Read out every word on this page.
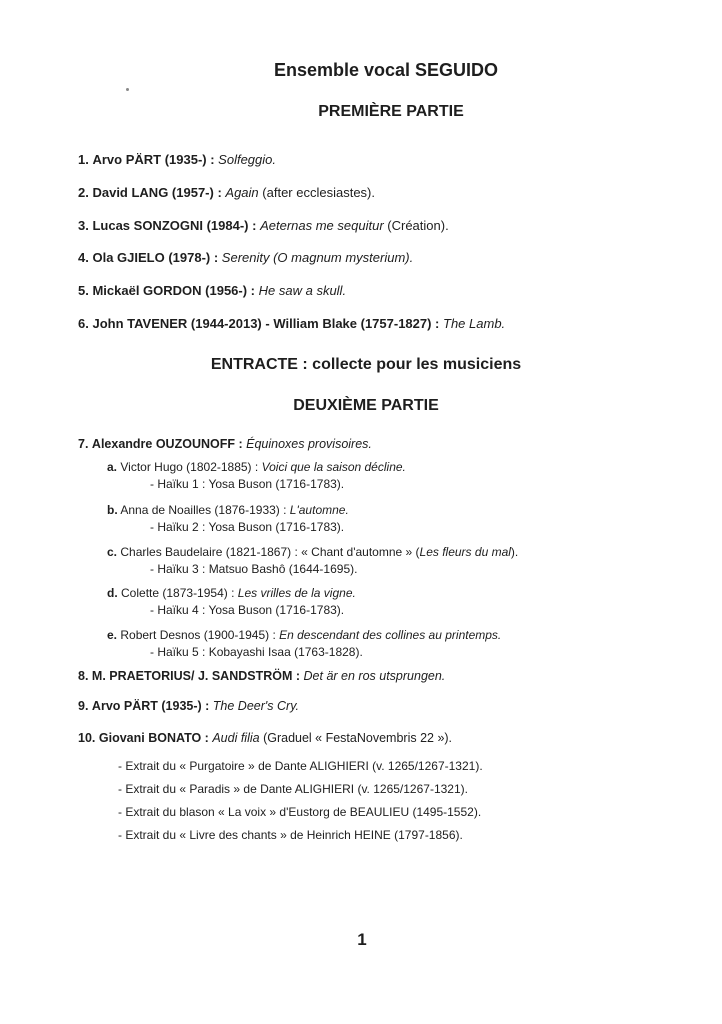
Ensemble vocal SEGUIDO
PREMIÈRE PARTIE
1. Arvo PÄRT (1935-) : Solfeggio.
2. David LANG (1957-) : Again (after ecclesiastes).
3. Lucas SONZOGNI (1984-) : Aeternas me sequitur (Création).
4. Ola GJIELO (1978-) : Serenity (O magnum mysterium).
5. Mickaël GORDON (1956-) : He saw a skull.
6. John TAVENER (1944-2013) - William Blake (1757-1827) : The Lamb.
ENTRACTE : collecte pour les musiciens
DEUXIÈME PARTIE
7. Alexandre OUZOUNOFF : Équinoxes provisoires.
a. Victor Hugo (1802-1885) : Voici que la saison décline.
- Haïku 1 : Yosa Buson (1716-1783).
b. Anna de Noailles (1876-1933) : L'automne.
- Haïku 2 : Yosa Buson (1716-1783).
c. Charles Baudelaire (1821-1867) : « Chant d'automne » (Les fleurs du mal).
- Haïku 3 : Matsuo Bashô (1644-1695).
d. Colette (1873-1954) : Les vrilles de la vigne.
- Haïku 4 : Yosa Buson (1716-1783).
e. Robert Desnos (1900-1945) : En descendant des collines au printemps.
- Haïku 5 : Kobayashi Isaa (1763-1828).
8. M. PRAETORIUS/ J. SANDSTRÖM : Det är en ros utsprungen.
9. Arvo PÄRT (1935-) : The Deer's Cry.
10. Giovani BONATO : Audi filia (Graduel « FestaNovembris 22 »).
- Extrait du « Purgatoire » de Dante ALIGHIERI (v. 1265/1267-1321).
- Extrait du « Paradis » de Dante ALIGHIERI (v. 1265/1267-1321).
- Extrait du blason « La voix » d'Eustorg de BEAULIEU (1495-1552).
- Extrait du « Livre des chants » de Heinrich HEINE (1797-1856).
1
